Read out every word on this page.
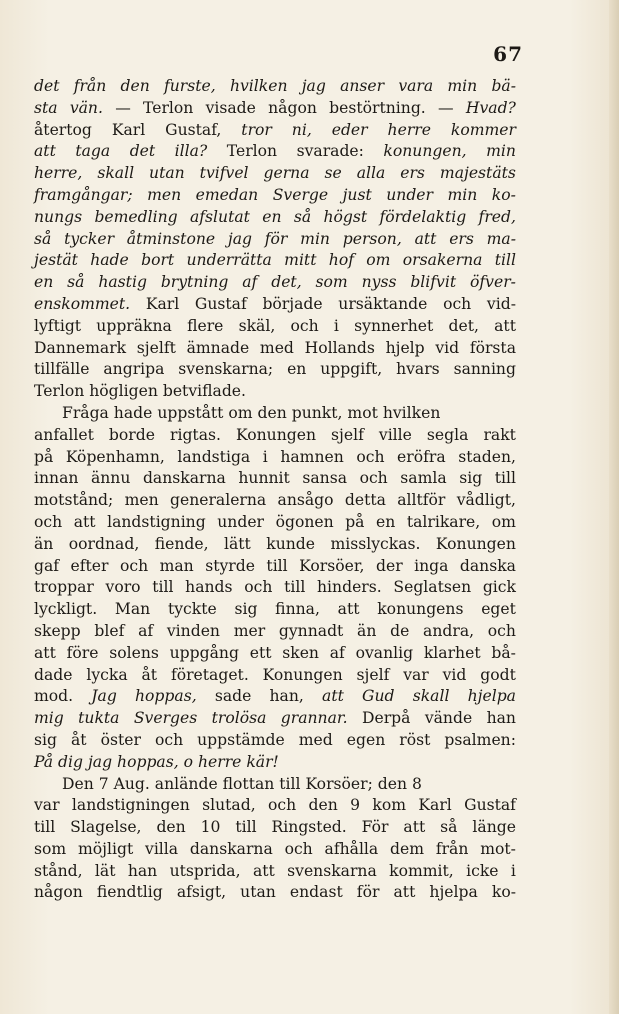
67
det från den furste, hvilken jag anser vara min bä-
sta vän. — Terlon visade någon bestörtning. — Hvad?
återtog Karl Gustaf, tror ni, eder herre kommer
att taga det illa? Terlon svarade: konungen, min
herre, skall utan tvifvel gerna se alla ers majestäts
framgångar; men emedan Sverge just under min ko-
nungs bemedling afslutat en så högst fördelaktig fred,
så tycker åtminstone jag för min person, att ers ma-
jestät hade bort underrätta mitt hof om orsakerna till
en så hastig brytning af det, som nyss blifvit öfver-
enskommet. Karl Gustaf började ursäktande och vid-
lyftigt uppräkna flere skäl, och i synnerhet det, att
Dannemark sjelft ämnade med Hollands hjelp vid första
tillfälle angripa svenskarna; en uppgift, hvars sanning
Terlon högligen betviflade.
Fråga hade uppstått om den punkt, mot hvilken
anfallet borde rigtas. Konungen sjelf ville segla rakt
på Köpenhamn, landstiga i hamnen och eröfra staden,
innan ännu danskarna hunnit sansa och samla sig till
motstånd; men generalerna ansågo detta alltför vådligt,
och att landstigning under ögonen på en talrikare, om
än oordnad, fiende, lätt kunde misslyckas. Konungen
gaf efter och man styrde till Korsöer, der inga danska
troppar voro till hands och till hinders. Seglatsen gick
lyckligt. Man tyckte sig finna, att konungens eget
skepp blef af vinden mer gynnadt än de andra, och
att före solens uppgång ett sken af ovanlig klarhet bå-
dade lycka åt företaget. Konungen sjelf var vid godt
mod. Jag hoppas, sade han, att Gud skall hjelpa
mig tukta Sverges trolösa grannar. Derpå vände han
sig åt öster och uppstämde med egen röst psalmen:
På dig jag hoppas, o herre kär!
Den 7 Aug. anlände flottan till Korsöer; den 8
var landstigningen slutad, och den 9 kom Karl Gustaf
till Slagelse, den 10 till Ringsted. För att så länge
som möjligt villa danskarna och afhålla dem från mot-
stånd, lät han utsprida, att svenskarna kommit, icke i
någon fiendtlig afsigt, utan endast för att hjelpa ko-
